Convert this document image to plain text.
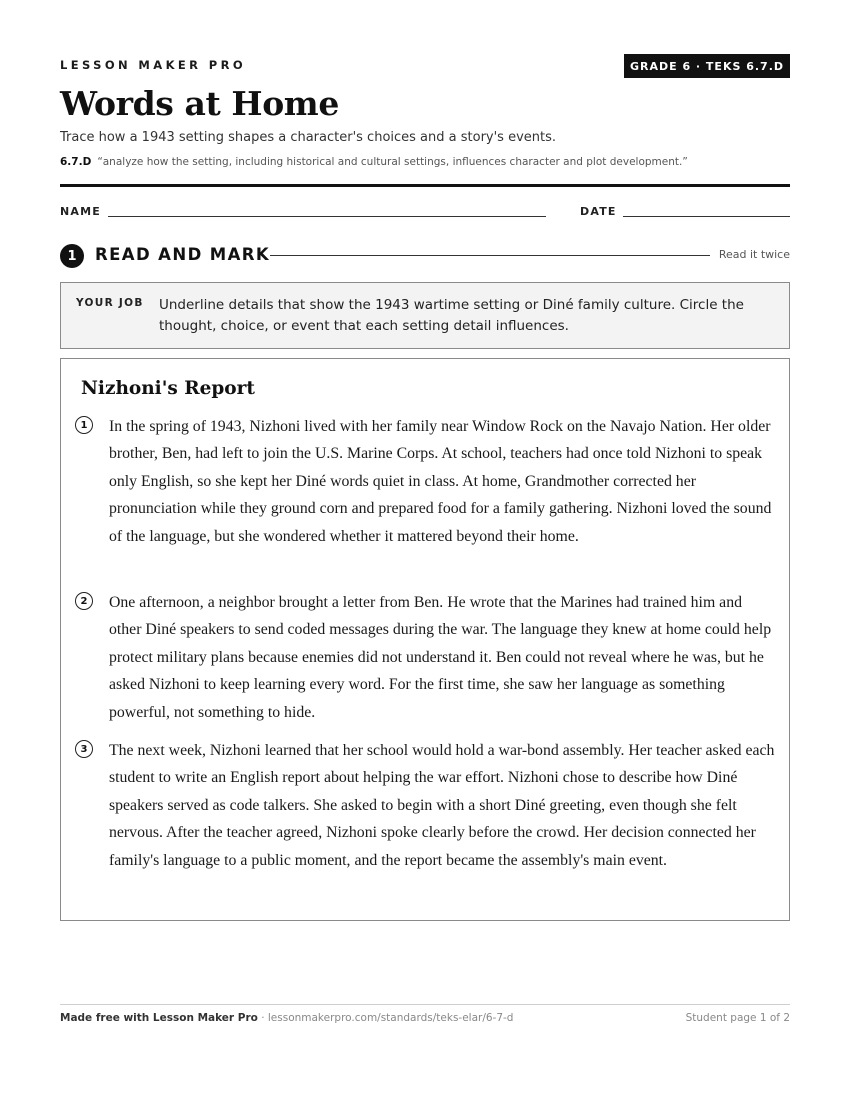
LESSON MAKER PRO	GRADE 6 · TEKS 6.7.D
Words at Home
Trace how a 1943 setting shapes a character's choices and a story's events.
6.7.D “analyze how the setting, including historical and cultural settings, influences character and plot development.”
NAME	DATE
1	READ AND MARK	Read it twice
YOUR JOB Underline details that show the 1943 wartime setting or Diné family culture. Circle the thought, choice, or event that each setting detail influences.
Nizhoni's Report
1	In the spring of 1943, Nizhoni lived with her family near Window Rock on the Navajo Nation. Her older brother, Ben, had left to join the U.S. Marine Corps. At school, teachers had once told Nizhoni to speak only English, so she kept her Diné words quiet in class. At home, Grandmother corrected her pronunciation while they ground corn and prepared food for a family gathering. Nizhoni loved the sound of the language, but she wondered whether it mattered beyond their home.

2	One afternoon, a neighbor brought a letter from Ben. He wrote that the Marines had trained him and other Diné speakers to send coded messages during the war. The language they knew at home could help protect military plans because enemies did not understand it. Ben could not reveal where he was, but he asked Nizhoni to keep learning every word. For the first time, she saw her language as something powerful, not something to hide.

3	The next week, Nizhoni learned that her school would hold a war-bond assembly. Her teacher asked each student to write an English report about helping the war effort. Nizhoni chose to describe how Diné speakers served as code talkers. She asked to begin with a short Diné greeting, even though she felt nervous. After the teacher agreed, Nizhoni spoke clearly before the crowd. Her decision connected her family's language to a public moment, and the report became the assembly's main event.

Made free with Lesson Maker Pro · lessonmakerpro.com/standards/teks-elar/6-7-d	Student page 1 of 2
